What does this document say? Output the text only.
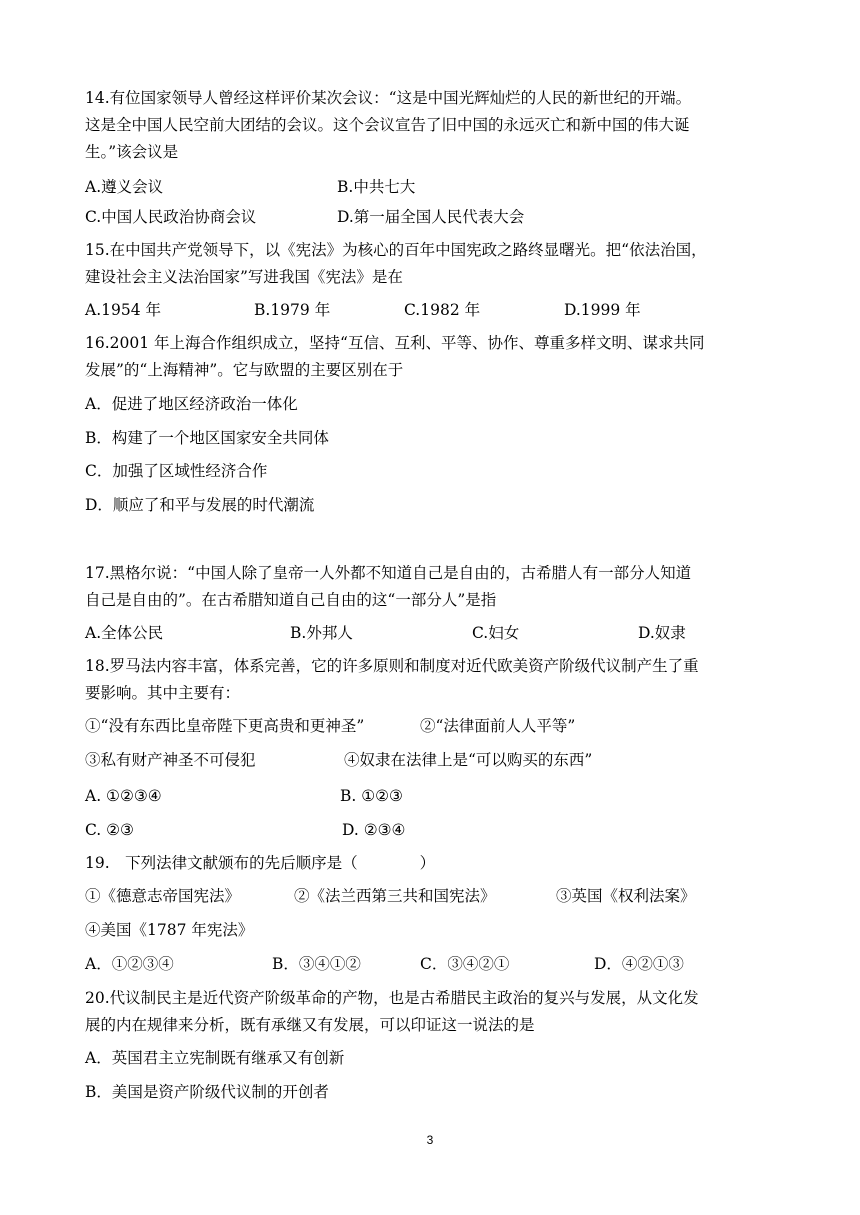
14.有位国家领导人曾经这样评价某次会议：“这是中国光辉灿烂的人民的新世纪的开端。
这是全中国人民空前大团结的会议。这个会议宣告了旧中国的永远灭亡和新中国的伟大诞
生。”该会议是
A.遵义会议	B.中共七大
C.中国人民政治协商会议	D.第一届全国人民代表大会
15.在中国共产党领导下，以《宪法》为核心的百年中国宪政之路终显曙光。把“依法治国，
建设社会主义法治国家”写进我国《宪法》是在
A.1954 年	B.1979 年	C.1982 年	D.1999 年
16.2001 年上海合作组织成立，坚持“互信、互利、平等、协作、尊重多样文明、谋求共同
发展”的“上海精神”。它与欧盟的主要区别在于
A．促进了地区经济政治一体化
B．构建了一个地区国家安全共同体
C．加强了区域性经济合作
D．顺应了和平与发展的时代潮流
17.黑格尔说：“中国人除了皇帝一人外都不知道自己是自由的，古希腊人有一部分人知道
自己是自由的”。在古希腊知道自己自由的这“一部分人”是指
A.全体公民	B.外邦人	C.妇女	D.奴隶
18.罗马法内容丰富，体系完善，它的许多原则和制度对近代欧美资产阶级代议制产生了重
要影响。其中主要有：
①“没有东西比皇帝陛下更高贵和更神圣”	②“法律面前人人平等”
③私有财产神圣不可侵犯	④奴隶在法律上是“可以购买的东西”
A. ①②③④	B. ①②③
C. ②③	D. ②③④
19.　下列法律文献颁布的先后顺序是（　　　　）
①《德意志帝国宪法》	②《法兰西第三共和国宪法》	③英国《权利法案》
④美国《1787 年宪法》
A．①②③④	B．③④①②	C．③④②①	D．④②①③
20.代议制民主是近代资产阶级革命的产物，也是古希腊民主政治的复兴与发展，从文化发
展的内在规律来分析，既有承继又有发展，可以印证这一说法的是
A．英国君主立宪制既有继承又有创新
B．美国是资产阶级代议制的开创者
3
